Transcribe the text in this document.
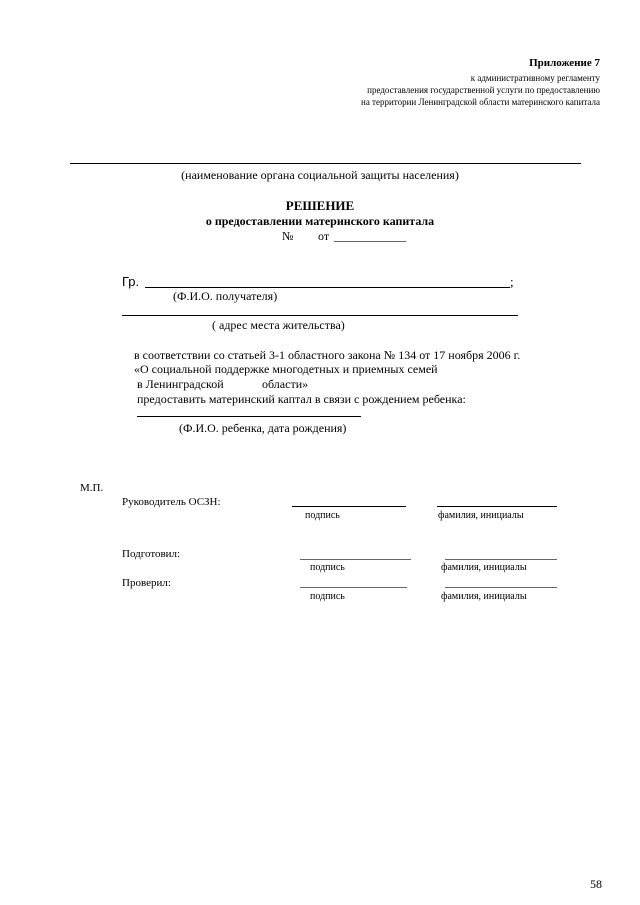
Приложение 7
к административному регламенту
предоставления государственной услуги по предоставлению
на территории Ленинградской области материнского капитала
(наименование органа социальной защиты населения)
РЕШЕНИЕ
о предоставлении материнского капитала
№ от
Гр.	;
(Ф.И.О. получателя)
( адрес места жительства)
в соответствии со статьей 3-1 областного закона № 134 от 17 ноября 2006 г.
«О социальной поддержке многодетных и приемных семей
в Ленинградской	области»
предоставить материнский каптал в связи с рождением ребенка:
(Ф.И.О. ребенка, дата рождения)
М.П.
Руководитель ОСЗН:
подпись	фамилия, инициалы
Подготовил:
подпись	фамилия, инициалы
Проверил:
подпись	фамилия, инициалы
58
